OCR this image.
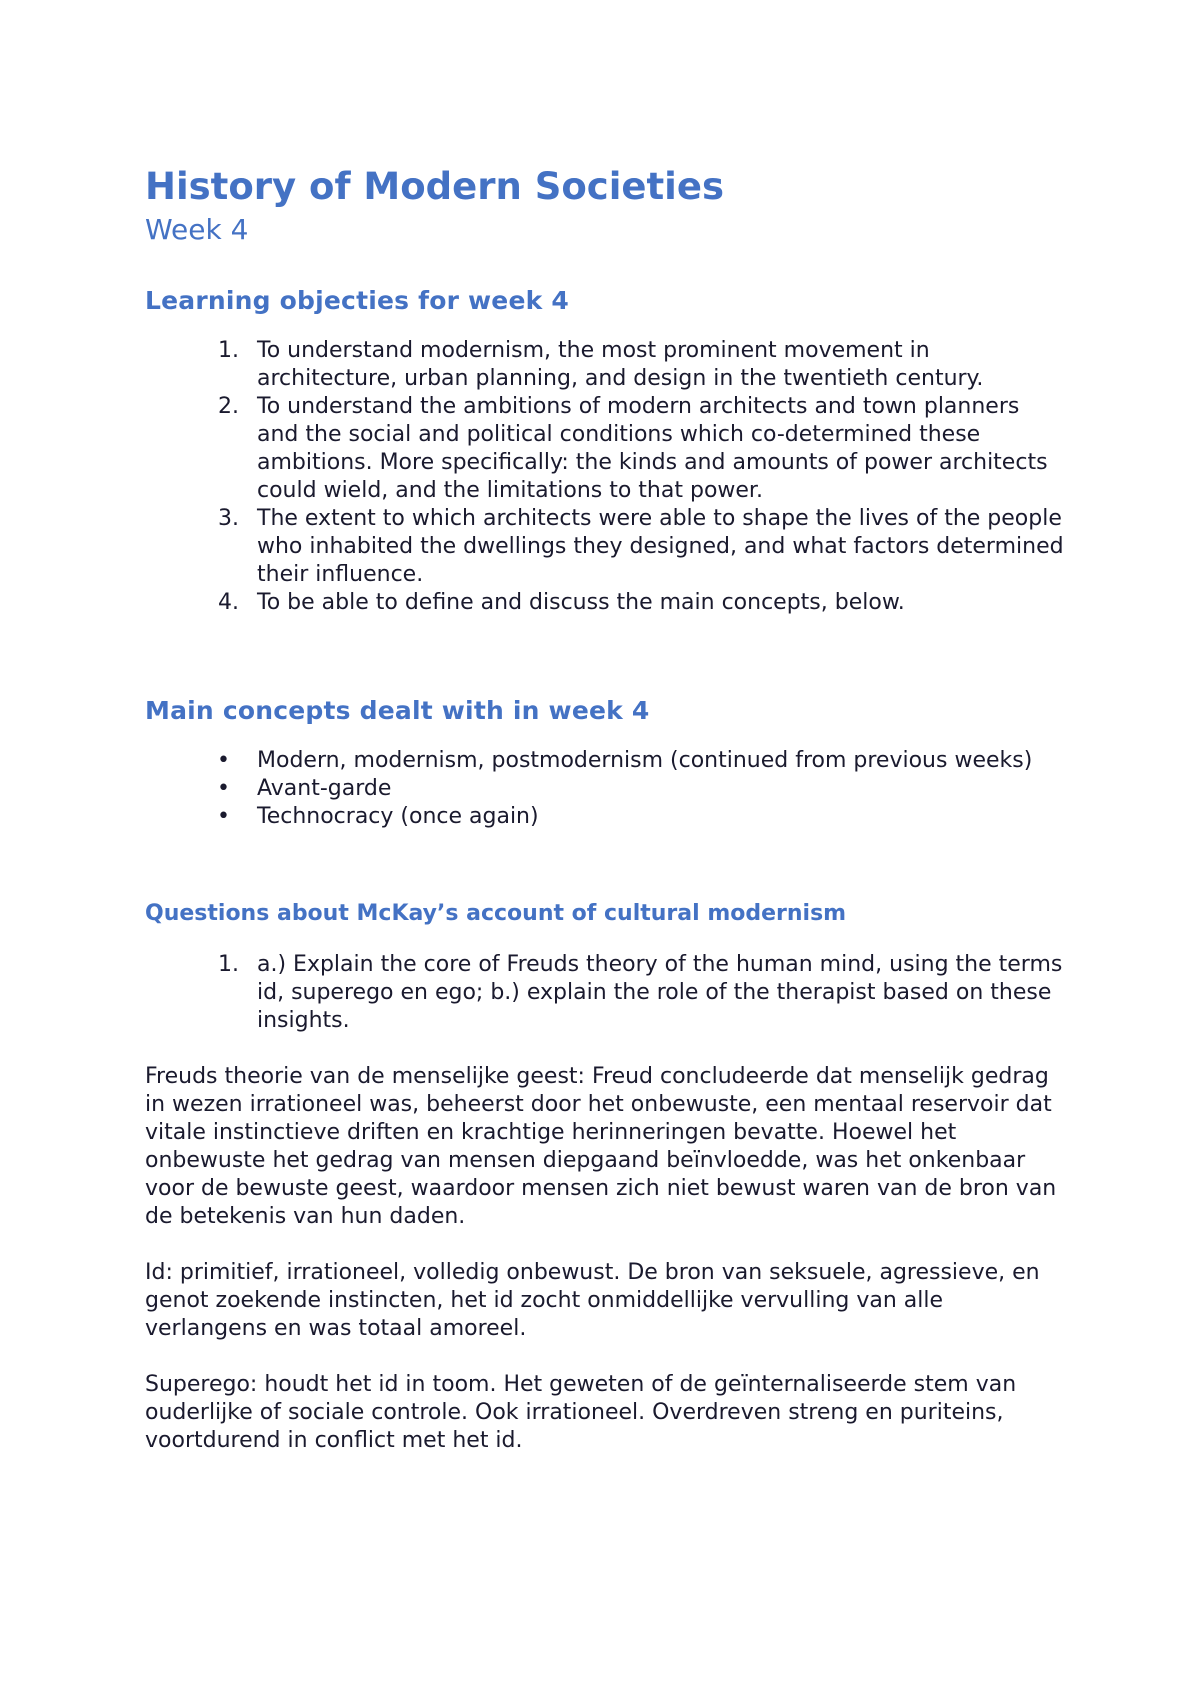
History of Modern Societies
Week 4
Learning objecties for week 4
1. To understand modernism, the most prominent movement in architecture, urban planning, and design in the twentieth century.
2. To understand the ambitions of modern architects and town planners and the social and political conditions which co-determined these ambitions. More specifically: the kinds and amounts of power architects could wield, and the limitations to that power.
3. The extent to which architects were able to shape the lives of the people who inhabited the dwellings they designed, and what factors determined their influence.
4. To be able to define and discuss the main concepts, below.
Main concepts dealt with in week 4
• Modern, modernism, postmodernism (continued from previous weeks)
• Avant-garde
• Technocracy (once again)
Questions about McKay’s account of cultural modernism
1. a.) Explain the core of Freuds theory of the human mind, using the terms id, superego en ego; b.) explain the role of the therapist based on these insights.

Freuds theorie van de menselijke geest: Freud concludeerde dat menselijk gedrag in wezen irrationeel was, beheerst door het onbewuste, een mentaal reservoir dat vitale instinctieve driften en krachtige herinneringen bevatte. Hoewel het onbewuste het gedrag van mensen diepgaand beïnvloedde, was het onkenbaar voor de bewuste geest, waardoor mensen zich niet bewust waren van de bron van de betekenis van hun daden.

Id: primitief, irrationeel, volledig onbewust. De bron van seksuele, agressieve, en genot zoekende instincten, het id zocht onmiddellijke vervulling van alle verlangens en was totaal amoreel.

Superego: houdt het id in toom. Het geweten of de geïnternaliseerde stem van ouderlijke of sociale controle. Ook irrationeel. Overdreven streng en puriteins, voortdurend in conflict met het id.
